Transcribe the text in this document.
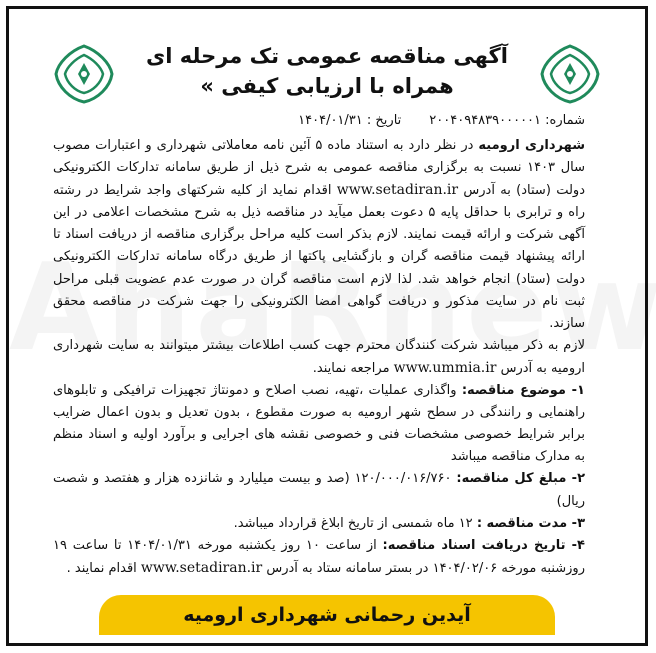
آگهی مناقصه عمومی تک مرحله ای
همراه با ارزیابی کیفی »
شماره: ۲۰۰۴۰۹۴۸۳۹۰۰۰۰۰۱
تاریخ : ۱۴۰۴/۰۱/۳۱

شهرداری ارومیه در نظر دارد به استناد ماده ۵ آئین نامه معاملاتی شهرداری و اعتبارات مصوب سال ۱۴۰۳ نسبت به برگزاری مناقصه عمومی به شرح ذیل از طریق سامانه تدارکات الکترونیکی دولت (ستاد) به آدرس www.setadiran.ir اقدام نماید از کلیه شرکتهای واجد شرایط در رشته راه و ترابری با حداقل پایه ۵ دعوت بعمل میآید در مناقصه ذیل به شرح مشخصات اعلامی در این آگهی شرکت و ارائه قیمت نمایند. لازم بذکر است کلیه مراحل برگزاری مناقصه از دریافت اسناد تا ارائه پیشنهاد قیمت مناقصه گران و بازگشایی پاکتها از طریق درگاه سامانه تدارکات الکترونیکی دولت (ستاد) انجام خواهد شد. لذا لازم است مناقصه گران در صورت عدم عضویت قبلی مراحل ثبت نام در سایت مذکور و دریافت گواهی امضا الکترونیکی را جهت شرکت در مناقصه محقق سازند.

لازم به ذکر میباشد شرکت کنندگان محترم جهت کسب اطلاعات بیشتر میتوانند به سایت شهرداری ارومیه به آدرس www.ummia.ir مراجعه نمایند.

۱- موضوع مناقصه: واگذاری عملیات ،تهیه، نصب اصلاح و دمونتاژ تجهیزات ترافیکی و تابلوهای راهنمایی و رانندگی در سطح شهر ارومیه به صورت مقطوع ، بدون تعدیل و بدون اعمال ضرایب برابر شرایط خصوصی مشخصات فنی و خصوصی نقشه های اجرایی و برآورد اولیه و اسناد منظم به مدارک مناقصه میباشد

۲- مبلغ کل مناقصه: ۱۲۰/۰۰۰/۰۱۶/۷۶۰ (صد و بیست میلیارد و شانزده هزار و هفتصد و شصت ریال)

۳- مدت مناقصه : ۱۲ ماه شمسی از تاریخ ابلاغ قرارداد میباشد.

۴- تاریخ دریافت اسناد مناقصه: از ساعت ۱۰ روز یکشنبه مورخه ۱۴۰۴/۰۱/۳۱ تا ساعت ۱۹ روزشنبه مورخه ۱۴۰۴/۰۲/۰۶ در بستر سامانه ستاد به آدرس www.setadiran.ir اقدام نمایند .

آیدین رحمانی شهرداری ارومیه
